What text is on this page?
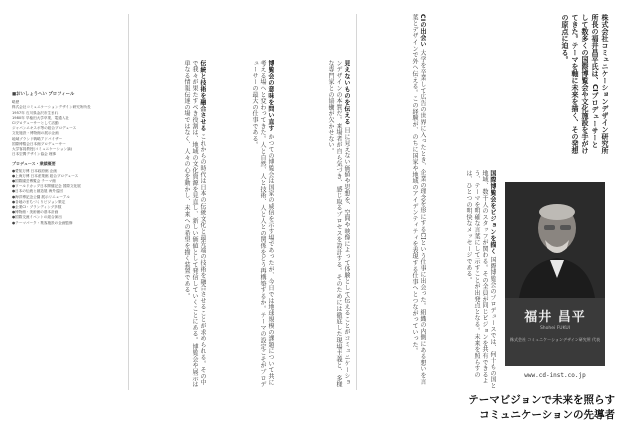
■おいしょうへい プロフィール
略歴
株式会社コミュニケーションデザイン研究所所長
1957年 石川県金沢市生まれ
1980年 早稲田大学卒業、電通入社
CIプロデューサーとして活動
ジャパンエキスポ等の総合プロデュース
文化施設・博物館の展示企画
地域ブランド戦略アドバイザー
国際博覧会日本館プロデューサー
大学客員教授(コミュニケーション論)
日本空間デザイン協会 理事
プロデュース・業績概要
●愛知万博 日本政府館 企画
●上海万博 日本産業館 総合プロデュース
●国際園芸博覧会 テーマ館
●ワールドカップ日本開催記念 国際文化展
●日本の伝統と創造展 海外巡回
●海洋博記念公園 展示リニューアル
●各地のまちづくりビジョン策定
●企業CI・ブランディング多数
●博物館・美術館の基本計画
●国際交流イベントの総合演出
●テーマパーク・集客施設の企画監修
伝統と技術を融合させる これからの時代は日本の伝統文化と最先端の技術を融合させることが求められる。その中で我々が果たすべき役割は、地域の文化資源を見直し、新しい価値として発信していくことにある。博覧会や展示は単なる情報伝達の場ではなく、人々の心を動かし、未来への希望を描く装置である。	博覧会の意味を問い直す かつての博覧会は国家の威信を示す場であったが、今日では地球規模の課題について共に考える場へと変わってきた。人と自然、人と技術、人と人との関係をどう再構築するか。テーマの設定こそがプロデューサーの最大の仕事である。	見えないものを伝える 目に見えない価値や思想を、空間や映像によって体験として伝えることがコミュニケーションデザインの本質だ。来場者が自ら気づき、感じ取るプロセスを設計する。そのためには徹底した現場主義と、多様な専門家との協働が欠かせない。
CIの出会い 大学を卒業して広告の世界に入ったとき、企業の理念を形にするCIという仕事に出会った。組織の内側にある想いを言葉とデザインで外へ伝える。この経験が、のちに国家や地域のアイデンティティを表現する仕事へとつながっていった。	国際博覧会をビジョンを描く 国際博覧会のプロデュースでは、何十もの国と地域、数千人のスタッフが関わる。その全員が同じビジョンを共有できるよう、テーマを明確な言葉にして示すことが出発点となる。未来を照らすのは、ひとつの明快なメッセージである。
株式会社コミュニケーションデザイン研究所所長の福井昌平氏は、CIプロデューサーとして数多くの国際博覧会や文化施設を手がけてきた。テーマを軸に未来を描く、その発想の原点に迫る。
福井 昌平
Shohei FUKUI
株式会社 コミュニケーションデザイン研究所 代表
www.cd-inst.co.jp
テーマビジョンで未来を照らす
コミュニケーションの先導者
